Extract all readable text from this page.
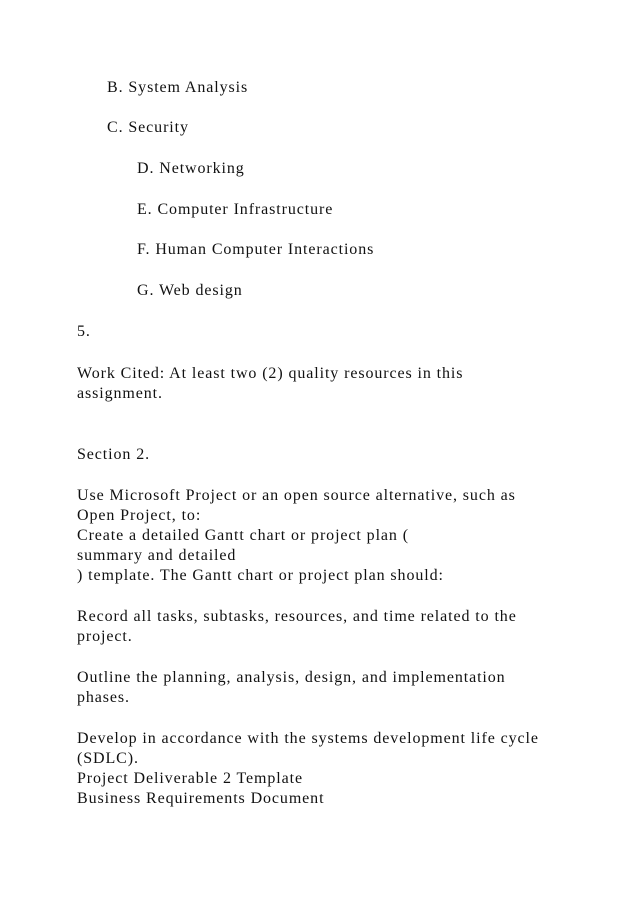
B. System Analysis
C. Security
D. Networking
E. Computer Infrastructure
F. Human Computer Interactions
G. Web design
5.
Work Cited: At least two (2) quality resources in this
assignment.
Section 2.
Use Microsoft Project or an open source alternative, such as
Open Project, to:
Create a detailed Gantt chart or project plan (
summary and detailed
) template. The Gantt chart or project plan should:
Record all tasks, subtasks, resources, and time related to the
project.
Outline the planning, analysis, design, and implementation
phases.
Develop in accordance with the systems development life cycle
(SDLC).
Project Deliverable 2 Template
Business Requirements Document
